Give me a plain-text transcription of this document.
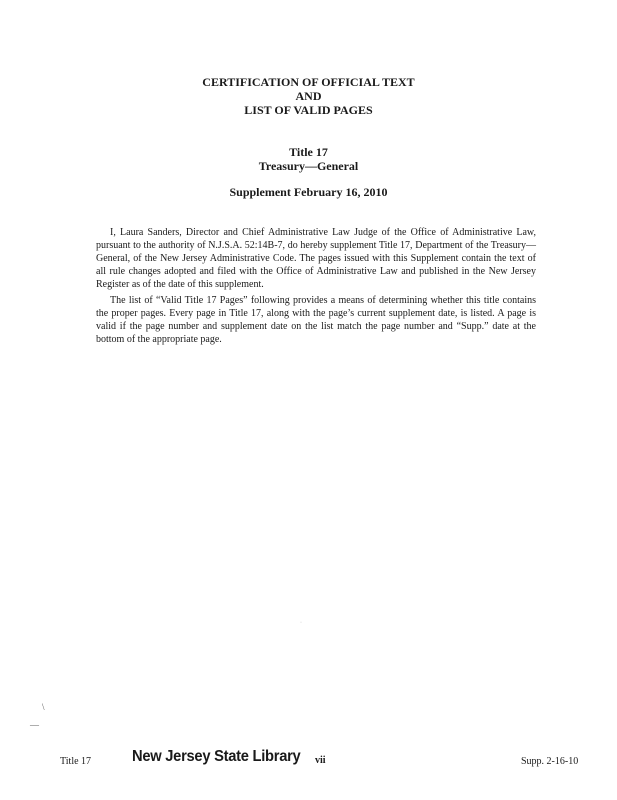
CERTIFICATION OF OFFICIAL TEXT
AND
LIST OF VALID PAGES
Title 17
Treasury—General
Supplement February 16, 2010

I, Laura Sanders, Director and Chief Administrative Law Judge of the Office of Administrative Law, pursuant to the authority of N.J.S.A. 52:14B-7, do hereby supplement Title 17, Department of the Treasury—General, of the New Jersey Administrative Code. The pages issued with this Supplement contain the text of all rule changes adopted and filed with the Office of Administrative Law and published in the New Jersey Register as of the date of this supplement.

The list of “Valid Title 17 Pages” following provides a means of determining whether this title contains the proper pages. Every page in Title 17, along with the page’s current supplement date, is listed. A page is valid if the page number and supplement date on the list match the page number and “Supp.” date at the bottom of the appropriate page.

\
—
·
Title 17	New Jersey State Library vii	Supp. 2-16-10
